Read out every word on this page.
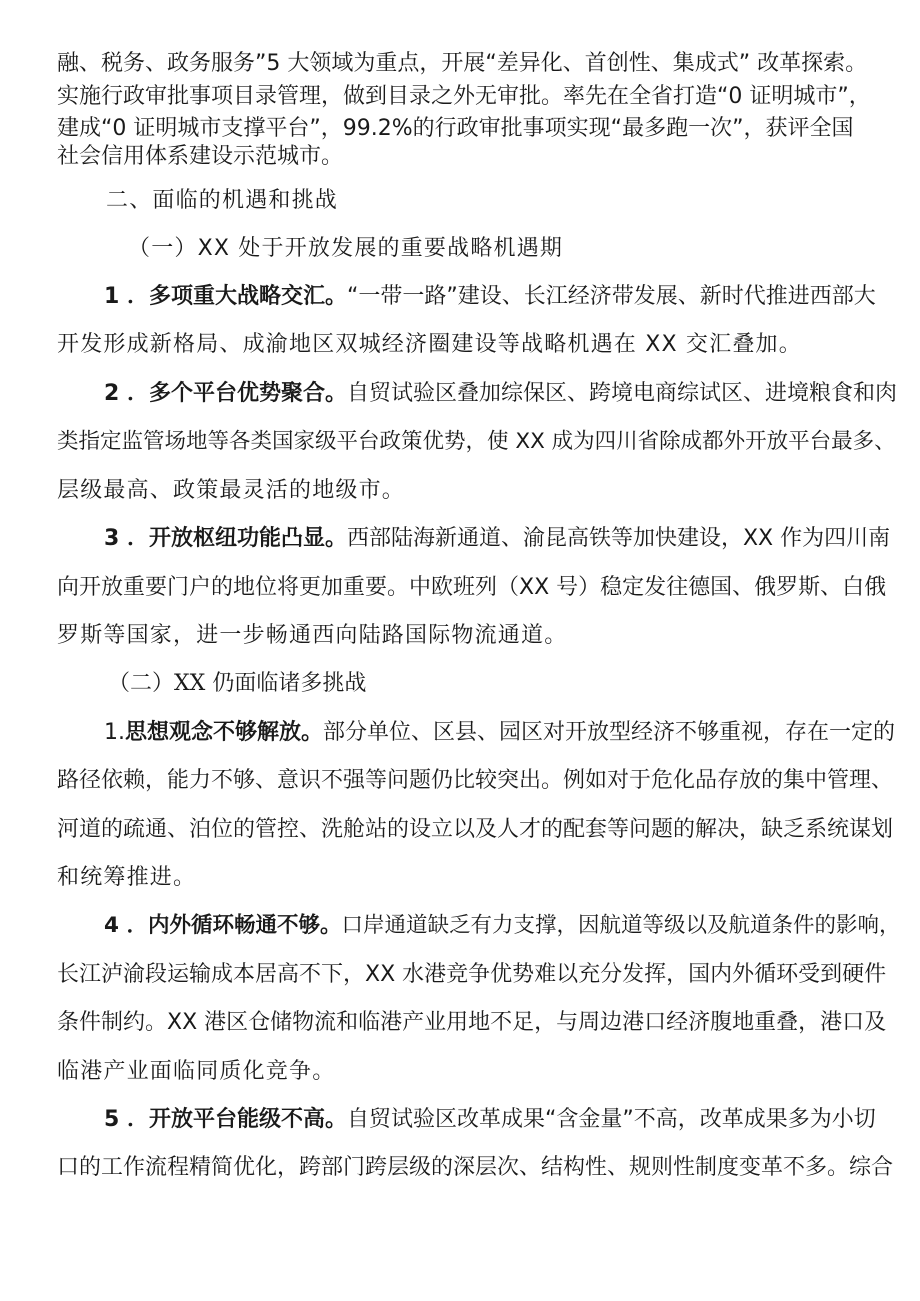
融、税务、政务服务”5 大领域为重点，开展“差异化、首创性、集成式” 改革探索。
实施行政审批事项目录管理，做到目录之外无审批。率先在全省打造“0 证明城市”，
建成“0 证明城市支撑平台”，99.2%的行政审批事项实现“最多跑一次”，获评全国
社会信用体系建设示范城市。
二、面临的机遇和挑战
（一）XX 处于开放发展的重要战略机遇期
1 ．多项重大战略交汇。“一带一路”建设、长江经济带发展、新时代推进西部大
开发形成新格局、成渝地区双城经济圈建设等战略机遇在 XX 交汇叠加。
2 ．多个平台优势聚合。自贸试验区叠加综保区、跨境电商综试区、进境粮食和肉
类指定监管场地等各类国家级平台政策优势，使 XX 成为四川省除成都外开放平台最多、
层级最高、政策最灵活的地级市。
3 ．开放枢纽功能凸显。西部陆海新通道、渝昆高铁等加快建设，XX 作为四川南
向开放重要门户的地位将更加重要。中欧班列（XX 号）稳定发往德国、俄罗斯、白俄
罗斯等国家，进一步畅通西向陆路国际物流通道。
（二）XX 仍面临诸多挑战
1.思想观念不够解放。部分单位、区县、园区对开放型经济不够重视，存在一定的
路径依赖，能力不够、意识不强等问题仍比较突出。例如对于危化品存放的集中管理、
河道的疏通、泊位的管控、洗舱站的设立以及人才的配套等问题的解决，缺乏系统谋划
和统筹推进。
4 ．内外循环畅通不够。口岸通道缺乏有力支撑，因航道等级以及航道条件的影响，
长江泸渝段运输成本居高不下，XX 水港竞争优势难以充分发挥，国内外循环受到硬件
条件制约。XX 港区仓储物流和临港产业用地不足，与周边港口经济腹地重叠，港口及
临港产业面临同质化竞争。
5 ．开放平台能级不高。自贸试验区改革成果“含金量”不高，改革成果多为小切
口的工作流程精简优化，跨部门跨层级的深层次、结构性、规则性制度变革不多。综合
